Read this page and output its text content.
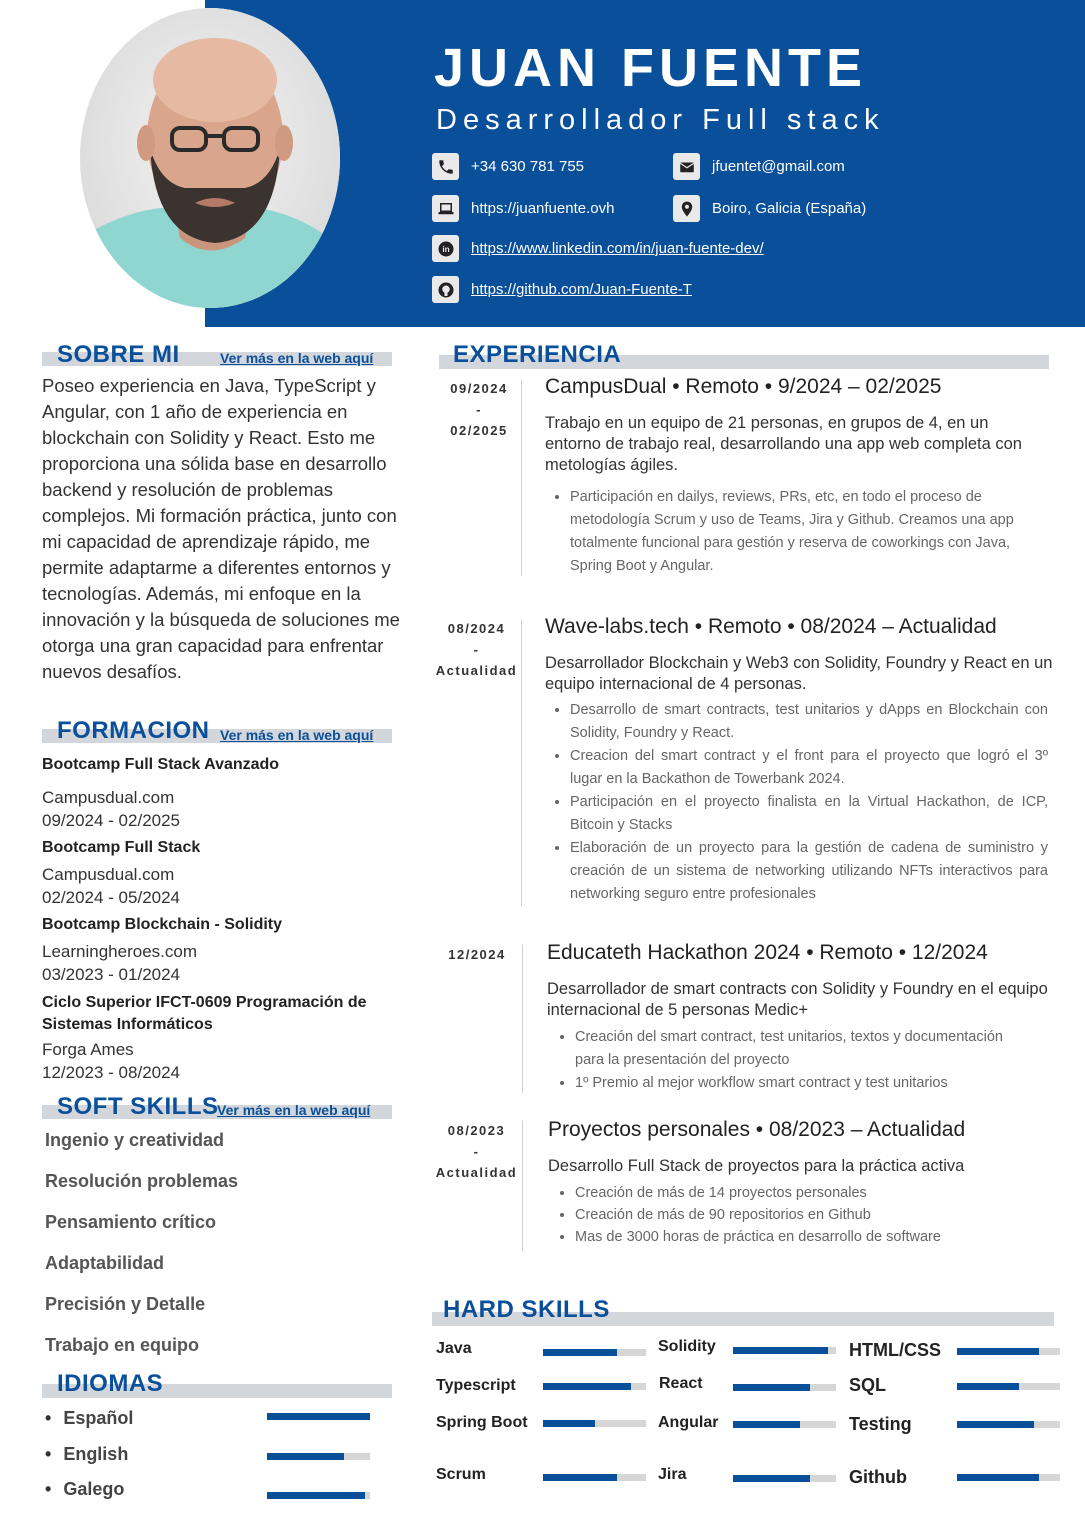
JUAN FUENTE
Desarrollador Full stack
+34 630 781 755	jfuentet@gmail.com
https://juanfuente.ovh	Boiro, Galicia (España)
in https://www.linkedin.com/in/juan-fuente-dev/
https://github.com/Juan-Fuente-T
SOBRE MI	Ver más en la web aquí
Poseo experiencia en Java, TypeScript y Angular, con 1 año de experiencia en blockchain con Solidity y React. Esto me proporciona una sólida base en desarrollo backend y resolución de problemas complejos. Mi formación práctica, junto con mi capacidad de aprendizaje rápido, me permite adaptarme a diferentes entornos y tecnologías. Además, mi enfoque en la innovación y la búsqueda de soluciones me otorga una gran capacidad para enfrentar nuevos desafíos.
FORMACION Ver más en la web aquí
Bootcamp Full Stack Avanzado
Campusdual.com
09/2024 - 02/2025
Bootcamp Full Stack
Campusdual.com
02/2024 - 05/2024
Bootcamp Blockchain - Solidity
Learningheroes.com
03/2023 - 01/2024
Ciclo Superior IFCT-0609 Programación de Sistemas Informáticos
Forga Ames
12/2023 - 08/2024
SOFT SKILLS
Ver más en la web aquí
Ingenio y creatividad
Resolución problemas
Pensamiento crítico
Adaptabilidad
Precisión y Detalle
Trabajo en equipo
IDIOMAS
• Español
• English
• Galego
EXPERIENCIA
09/2024
-
02/2025
CampusDual • Remoto • 9/2024 – 02/2025
Trabajo en un equipo de 21 personas, en grupos de 4, en un entorno de trabajo real, desarrollando una app web completa con metologías ágiles.
• Participación en dailys, reviews, PRs, etc, en todo el proceso de metodología Scrum y uso de Teams, Jira y Github. Creamos una app totalmente funcional para gestión y reserva de coworkings con Java, Spring Boot y Angular.
08/2024
-
Actualidad
Wave-labs.tech • Remoto • 08/2024 – Actualidad
Desarrollador Blockchain y Web3 con Solidity, Foundry y React en un equipo internacional de 4 personas.
• Desarrollo de smart contracts, test unitarios y dApps en Blockchain con Solidity, Foundry y React.
• Creacion del smart contract y el front para el proyecto que logró el 3º lugar en la Backathon de Towerbank 2024.
• Participación en el proyecto finalista en la Virtual Hackathon, de ICP, Bitcoin y Stacks
• Elaboración de un proyecto para la gestión de cadena de suministro y creación de un sistema de networking utilizando NFTs interactivos para networking seguro entre profesionales
12/2024	Educateth Hackathon 2024 • Remoto • 12/2024
Desarrollador de smart contracts con Solidity y Foundry en el equipo internacional de 5 personas Medic+
• Creación del smart contract, test unitarios, textos y documentación para la presentación del proyecto
• 1º Premio al mejor workflow smart contract y test unitarios
08/2023
-
Actualidad
Proyectos personales • 08/2023 – Actualidad
Desarrollo Full Stack de proyectos para la práctica activa
• Creación de más de 14 proyectos personales
• Creación de más de 90 repositorios en Github
• Mas de 3000 horas de práctica en desarrollo de software
HARD SKILLS
Java	Solidity	HTML/CSS
Typescript	React	SQL
Spring Boot	Angular	Testing
Scrum	Jira	Github
